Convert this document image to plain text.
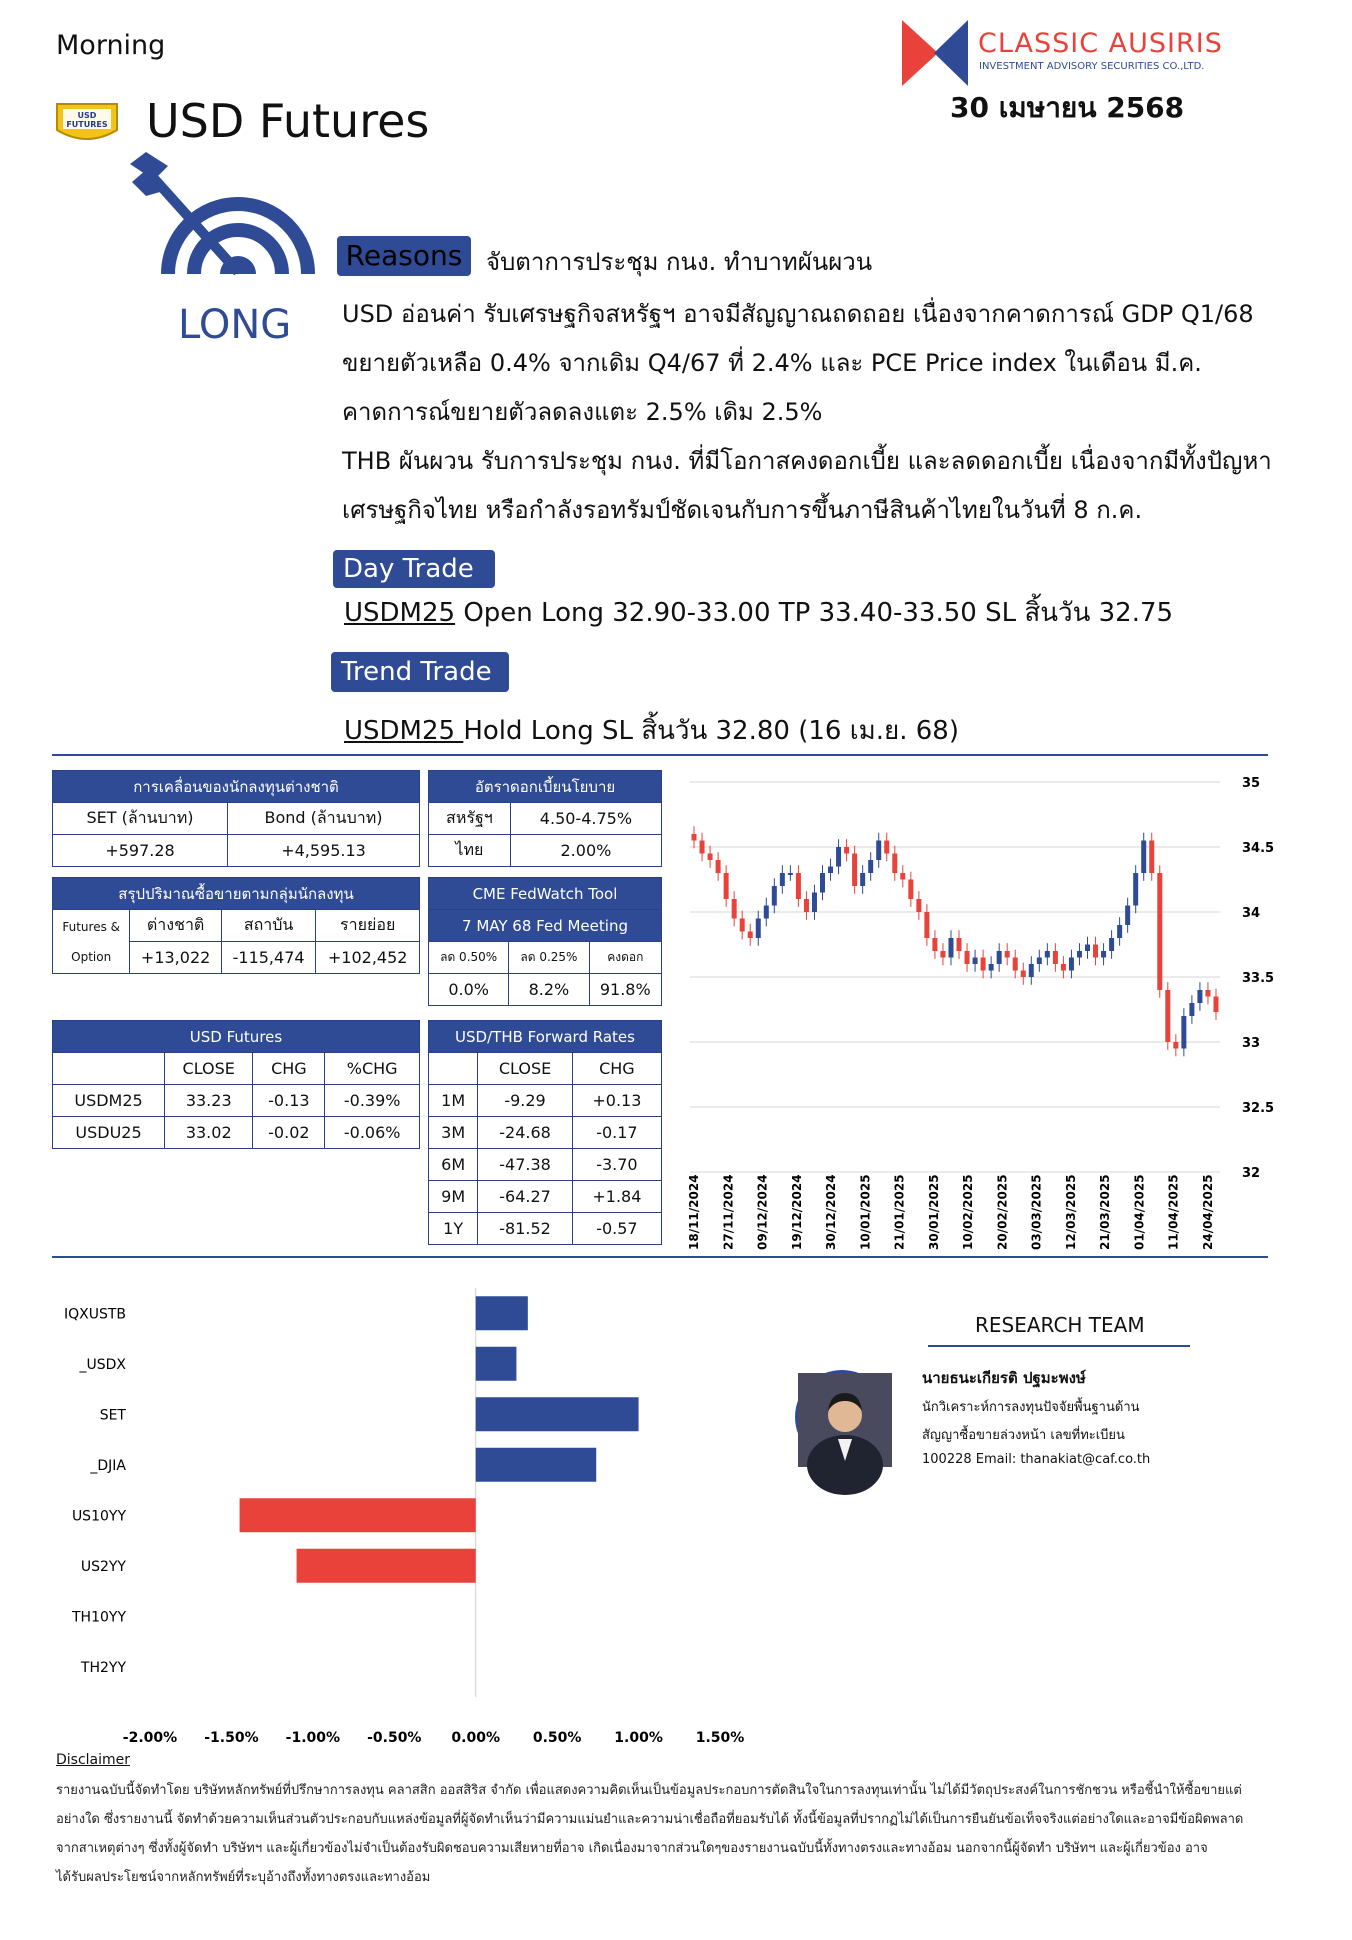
Morning
USD FUTURES USD Futures
CLASSIC AUSIRIS
INVESTMENT ADVISORY SECURITIES CO.,LTD.
30 เมษายน 2568
LONG
Reasons จับตาการประชุม กนง. ทำบาทผันผวน
USD อ่อนค่า รับเศรษฐกิจสหรัฐฯ อาจมีสัญญาณถดถอย เนื่องจากคาดการณ์ GDP Q1/68
ขยายตัวเหลือ 0.4% จากเดิม Q4/67 ที่ 2.4% และ PCE Price index ในเดือน มี.ค.
คาดการณ์ขยายตัวลดลงแตะ 2.5% เดิม 2.5%
THB ผันผวน รับการประชุม กนง. ที่มีโอกาสคงดอกเบี้ย และลดดอกเบี้ย เนื่องจากมีทั้งปัญหา
เศรษฐกิจไทย หรือกำลังรอทรัมป์ชัดเจนกับการขึ้นภาษีสินค้าไทยในวันที่ 8 ก.ค.
Day Trade
USDM25 Open Long 32.90-33.00 TP 33.40-33.50 SL สิ้นวัน 32.75
Trend Trade
USDM25 Hold Long SL สิ้นวัน 32.80 (16 เม.ย. 68)
การเคลื่อนของนักลงทุนต่างชาติ	
SET (ล้านบาท)	Bond (ล้านบาท)
+597.28	+4,595.13
อัตราดอกเบี้ยนโยบาย	
สหรัฐฯ	4.50-4.75%
ไทย	2.00%
สรุปปริมาณซื้อขายตามกลุ่มนักลงทุน			
Futures &
Option	ต่างชาติ	สถาบัน	รายย่อย
	+13,022	-115,474	+102,452
CME FedWatch Tool		
7 MAY 68 Fed Meeting		
ลด 0.50%	ลด 0.25%	คงดอก
0.0%	8.2%	91.8%
USD Futures			
	CLOSE	CHG	%CHG
USDM25	33.23	-0.13	-0.39%
USDU25	33.02	-0.02	-0.06%
USD/THB Forward Rates		
	CLOSE	CHG
1M	-9.29	+0.13
3M	-24.68	-0.17
6M	-47.38	-3.70
9M	-64.27	+1.84
1Y	-81.52	-0.57
35
34.5
34
33.5
33
32.5
32
18/11/2024 27/11/2024 09/12/2024 19/12/2024 30/12/2024 10/01/2025 21/01/2025 30/01/2025 10/02/2025 20/02/2025 03/03/2025 12/03/2025 21/03/2025 01/04/2025 11/04/2025 24/04/2025
IQXUSTB
_USDX
SET
_DJIA
US10YY
US2YY
TH10YY
TH2YY
-2.00% -1.50% -1.00% -0.50% 0.00% 0.50% 1.00% 1.50%
RESEARCH TEAM
นายธนะเกียรติ ปฐมะพงษ์
นักวิเคราะห์การลงทุนปัจจัยพื้นฐานด้าน
สัญญาซื้อขายล่วงหน้า เลขที่ทะเบียน
100228 Email: thanakiat@caf.co.th
Disclaimer
รายงานฉบับนี้จัดทำโดย บริษัทหลักทรัพย์ที่ปรึกษาการลงทุน คลาสสิก ออสสิริส จำกัด เพื่อแสดงความคิดเห็นเป็นข้อมูลประกอบการตัดสินใจในการลงทุนเท่านั้น ไม่ได้มีวัตถุประสงค์ในการชักชวน หรือชี้นำให้ซื้อขายแต่
อย่างใด ซึ่งรายงานนี้ จัดทำด้วยความเห็นส่วนตัวประกอบกับแหล่งข้อมูลที่ผู้จัดทำเห็นว่ามีความแม่นยำและความน่าเชื่อถือที่ยอมรับได้ ทั้งนี้ข้อมูลที่ปรากฏไม่ได้เป็นการยืนยันข้อเท็จจริงแต่อย่างใดและอาจมีข้อผิดพลาด
จากสาเหตุต่างๆ ซึ่งทั้งผู้จัดทำ บริษัทฯ และผู้เกี่ยวข้องไม่จำเป็นต้องรับผิดชอบความเสียหายที่อาจ เกิดเนื่องมาจากส่วนใดๆของรายงานฉบับนี้ทั้งทางตรงและทางอ้อม นอกจากนี้ผู้จัดทำ บริษัทฯ และผู้เกี่ยวข้อง อาจ
ได้รับผลประโยชน์จากหลักทรัพย์ที่ระบุอ้างถึงทั้งทางตรงและทางอ้อม
